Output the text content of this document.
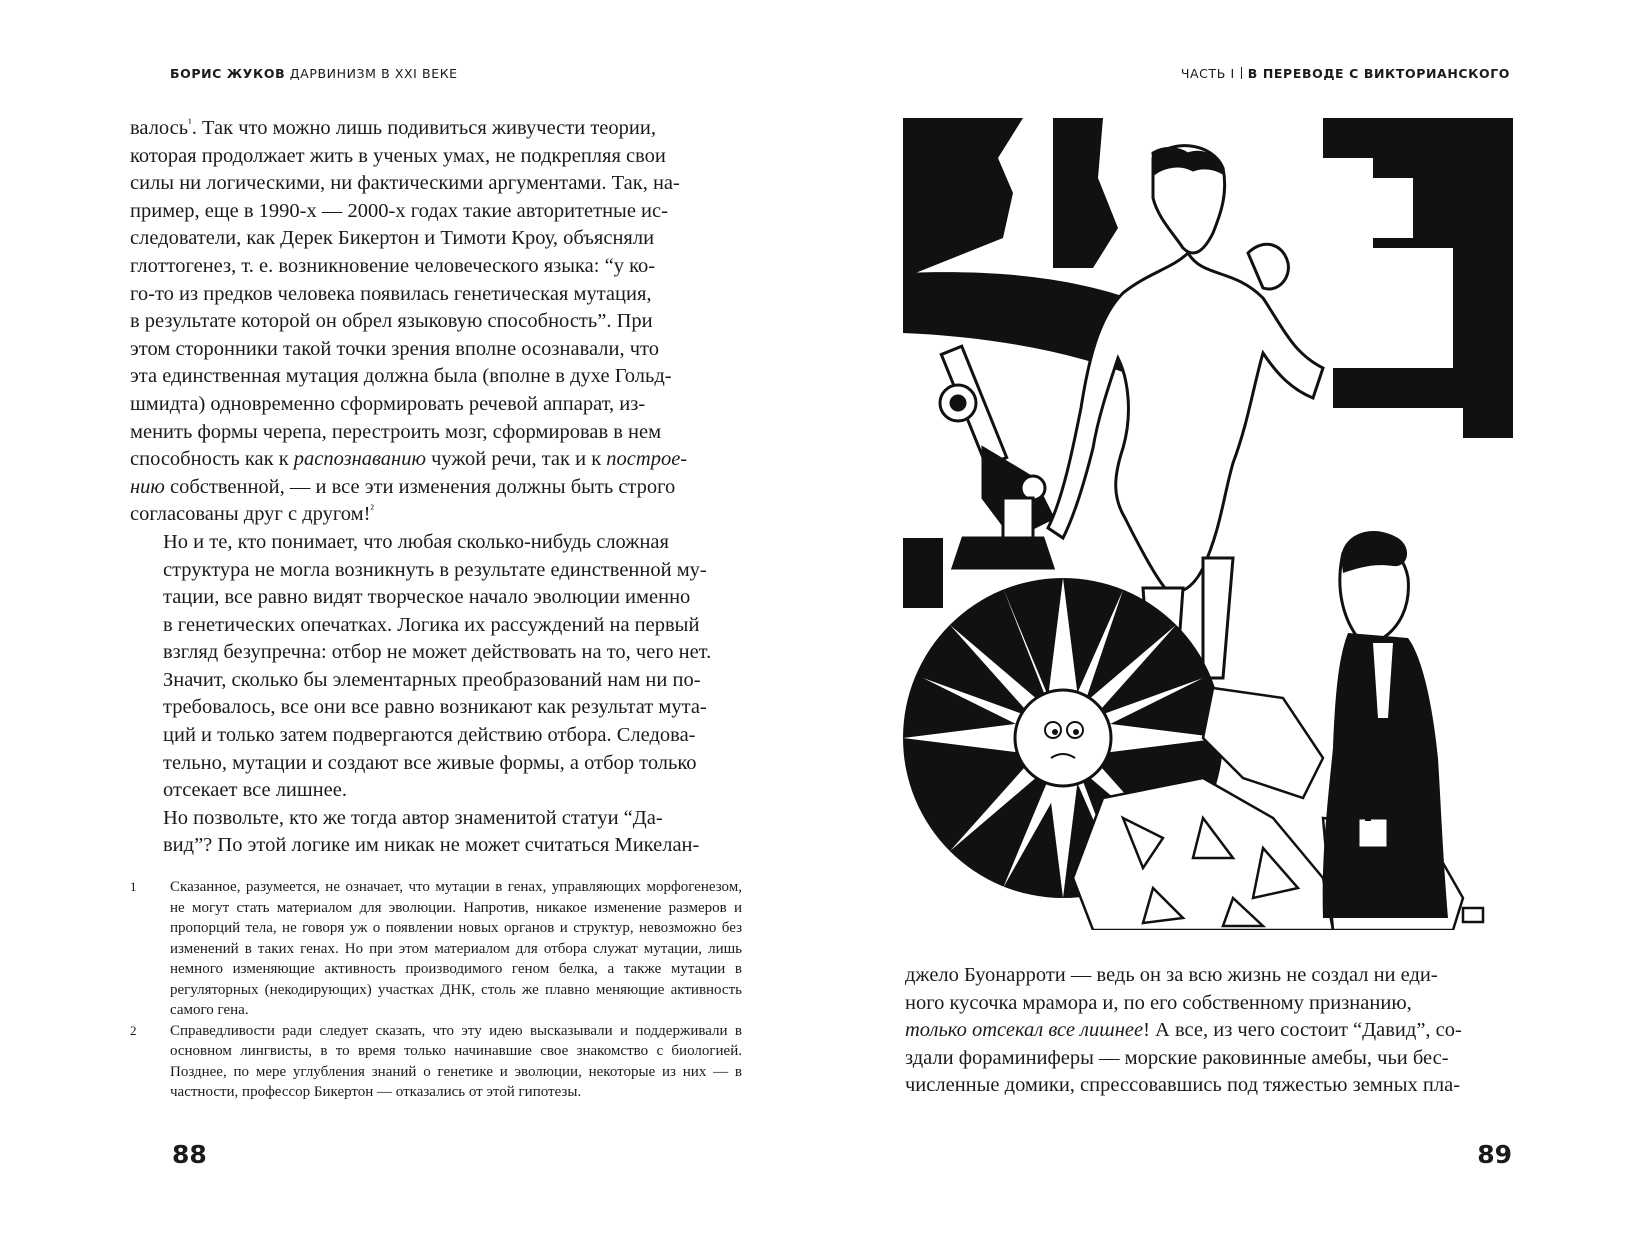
БОРИС ЖУКОВ ДАРВИНИЗМ В XXI ВЕКЕ

валось$^{^1}$. Так что можно лишь подивиться живучести теории,
которая продолжает жить в ученых умах, не подкрепляя свои
силы ни логическими, ни фактическими аргументами. Так, на-
пример, еще в 1990-х — 2000-х годах такие авторитетные ис-
следователи, как Дерек Бикертон и Тимоти Кроу, объясняли
глоттогенез, т. е. возникновение человеческого языка: “у ко-
го-то из предков человека появилась генетическая мутация,
в результате которой он обрел языковую способность”. При
этом сторонники такой точки зрения вполне осознавали, что
эта единственная мутация должна была (вполне в духе Гольд-
шмидта) одновременно сформировать речевой аппарат, из-
менить формы черепа, перестроить мозг, сформировав в нем
способность как к распознаванию чужой речи, так и к построе-
нию собственной, — и все эти изменения должны быть строго
согласованы друг с другом!$^{^2}$

Но и те, кто понимает, что любая сколько-нибудь сложная
структура не могла возникнуть в результате единственной му-
тации, все равно видят творческое начало эволюции именно
в генетических опечатках. Логика их рассуждений на первый
взгляд безупречна: отбор не может действовать на то, чего нет.
Значит, сколько бы элементарных преобразований нам ни по-
требовалось, все они все равно возникают как результат мута-
ций и только затем подвергаются действию отбора. Следова-
тельно, мутации и создают все живые формы, а отбор только
отсекает все лишнее.

Но позвольте, кто же тогда автор знаменитой статуи “Да-
вид”? По этой логике им никак не может считаться Микелан-

1 Сказанное, разумеется, не означает, что мутации в генах, управляющих морфогенезом, не могут стать материалом для эволюции. Напротив, никакое изменение размеров и пропорций тела, не говоря уж о появлении новых органов и структур, невозможно без изменений в таких генах. Но при этом материалом для отбора служат мутации, лишь немного изменяющие активность производимого геном белка, а также мутации в регуляторных (некодирующих) участках ДНК, столь же плавно меняющие активность самого гена.

2 Справедливости ради следует сказать, что эту идею высказывали и поддерживали в основном лингвисты, в то время только начинавшие свое знакомство с биологией. Позднее, по мере углубления знаний о генетике и эволюции, некоторые из них — в частности, профессор Бикертон — отказались от этой гипотезы.

88
ЧАСТЬ I В ПЕРЕВОДЕ С ВИКТОРИАНСКОГО

джело Буонарроти — ведь он за всю жизнь не создал ни еди-
ного кусочка мрамора и, по его собственному признанию,
только отсекал все лишнее! А все, из чего состоит “Давид”, со-
здали фораминиферы — морские раковинные амебы, чьи бес-
численные домики, спрессовавшись под тяжестью земных пла-

89
